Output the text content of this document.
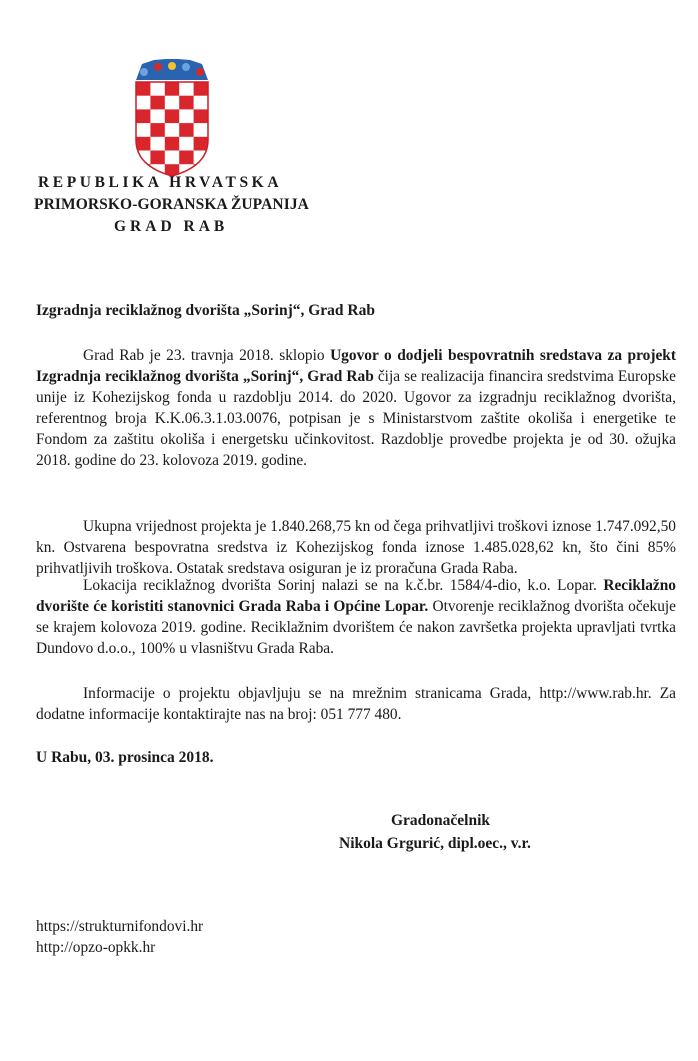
REPUBLIKA HRVATSKA
PRIMORSKO-GORANSKA ŽUPANIJA
GRAD RAB
Izgradnja reciklažnog dvorišta „Sorinj“, Grad Rab

Grad Rab je 23. travnja 2018. sklopio Ugovor o dodjeli bespovratnih sredstava za projekt Izgradnja reciklažnog dvorišta „Sorinj“, Grad Rab čija se realizacija financira sredstvima Europske unije iz Kohezijskog fonda u razdoblju 2014. do 2020. Ugovor za izgradnju reciklažnog dvorišta, referentnog broja K.K.06.3.1.03.0076, potpisan je s Ministarstvom zaštite okoliša i energetike te Fondom za zaštitu okoliša i energetsku učinkovitost. Razdoblje provedbe projekta je od 30. ožujka 2018. godine do 23. kolovoza 2019. godine.

Ukupna vrijednost projekta je 1.840.268,75 kn od čega prihvatljivi troškovi iznose 1.747.092,50 kn. Ostvarena bespovratna sredstva iz Kohezijskog fonda iznose 1.485.028,62 kn, što čini 85% prihvatljivih troškova. Ostatak sredstava osiguran je iz proračuna Grada Raba.

Lokacija reciklažnog dvorišta Sorinj nalazi se na k.č.br. 1584/4-dio, k.o. Lopar. Reciklažno dvorište će koristiti stanovnici Grada Raba i Općine Lopar. Otvorenje reciklažnog dvorišta očekuje se krajem kolovoza 2019. godine. Reciklažnim dvorištem će nakon završetka projekta upravljati tvrtka Dundovo d.o.o., 100% u vlasništvu Grada Raba.

Informacije o projektu objavljuju se na mrežnim stranicama Grada, http://www.rab.hr. Za dodatne informacije kontaktirajte nas na broj: 051 777 480.

U Rabu, 03. prosinca 2018.
Gradonačelnik
Nikola Grgurić, dipl.oec., v.r.
https://strukturnifondovi.hr
http://opzo-opkk.hr
